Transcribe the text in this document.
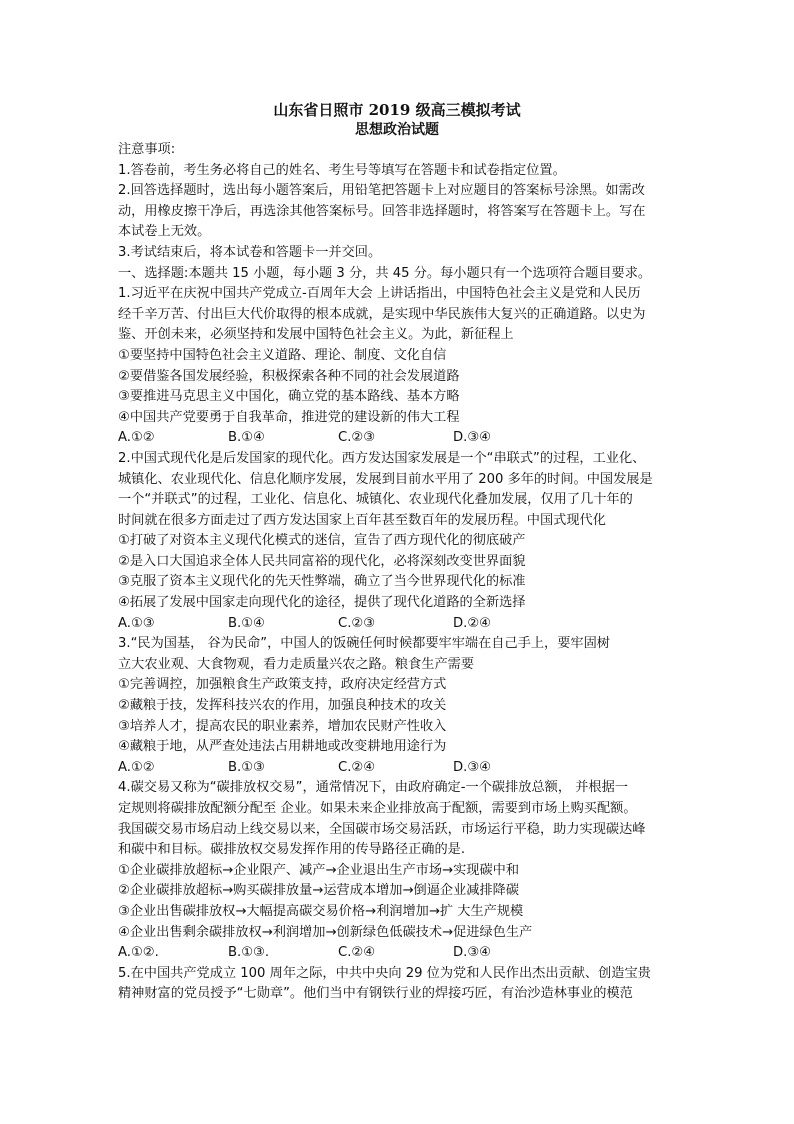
山东省日照市 2019 级高三模拟考试
思想政治试题
注意事项:
1.答卷前，考生务必将自己的姓名、考生号等填写在答题卡和试卷指定位置。
2.回答选择题时，选出每小题答案后，用铅笔把答题卡上对应题目的答案标号涂黑。如需改
动，用橡皮擦干净后，再选涂其他答案标号。回答非选择题时，将答案写在答题卡上。写在
本试卷上无效。
3.考试结束后，将本试卷和答题卡一并交回。
一、选择题:本题共 15 小题，每小题 3 分，共 45 分。每小题只有一个选项符合题目要求。
1.习近平在庆祝中国共产党成立-百周年大会 上讲话指出，中国特色社会主义是党和人民历
经千辛万苦、付出巨大代价取得的根本成就，是实现中华民族伟大复兴的正确道路。以史为
鉴、开创未来，必须坚持和发展中国特色社会主义。为此，新征程上
①要坚持中国特色社会主义道路、理论、制度、文化自信
②要借鉴各国发展经验，积极探索各种不同的社会发展道路
③要推进马克思主义中国化，确立党的基本路线、基本方略
④中国共产党要勇于自我革命，推进党的建设新的伟大工程
A.①②	B.①④	C.②③	D.③④
2.中国式现代化是后发国家的现代化。西方发达国家发展是一个“串联式”的过程，工业化、
城镇化、农业现代化、信息化顺序发展，发展到目前水平用了 200 多年的时间。中国发展是
一个“并联式”的过程，工业化、信息化、城镇化、农业现代化叠加发展，仅用了几十年的
时间就在很多方面走过了西方发达国家上百年甚至数百年的发展历程。中国式现代化
①打破了对资本主义现代化模式的迷信，宣告了西方现代化的彻底破产
②是入口大国追求全体人民共同富裕的现代化，必将深刻改变世界面貌
③克服了资本主义现代化的先天性弊端，确立了当今世界现代化的标准
④拓展了发展中国家走向现代化的途径，提供了现代化道路的全新选择
A.①③	B.①④	C.②③	D.②④
3.“民为国基， 谷为民命”，中国人的饭碗任何时候都要牢牢端在自己手上，要牢固树
立大农业观、大食物观，看力走质量兴农之路。粮食生产需要
①完善调控，加强粮食生产政策支持，政府决定经营方式
②藏粮于技，发挥科技兴农的作用，加强良种技术的攻关
③培养人才，提高农民的职业素养，增加农民财产性收入
④藏粮于地，从严查处违法占用耕地或改变耕地用途行为
A.①②	B.①③	C.②④	D.③④
4.碳交易又称为“碳排放权交易”，通常情况下，由政府确定-一个碳排放总额， 并根据一
定规则将碳排放配额分配至 企业。如果未来企业排放高于配额，需要到市场上购买配额。
我国碳交易市场启动上线交易以来，全国碳市场交易活跃，市场运行平稳，助力实现碳达峰
和碳中和目标。碳排放权交易发挥作用的传导路径正确的是.
①企业碳排放超标→企业限产、减产→企业退出生产市场→实现碳中和
②企业碳排放超标→购买碳排放量→运营成本增加→倒逼企业减排降碳
③企业出售碳排放权→大幅提高碳交易价格→利润增加→扩 大生产规模
④企业出售剩余碳排放权→利润增加→创新绿色低碳技术→促进绿色生产
A.①②.	B.①③.	C.②④	D.③④
5.在中国共产党成立 100 周年之际，中共中央向 29 位为党和人民作出杰出贡献、创造宝贵
精神财富的党员授予“七勋章”。他们当中有钢铁行业的焊接巧匠，有治沙造林事业的模范
